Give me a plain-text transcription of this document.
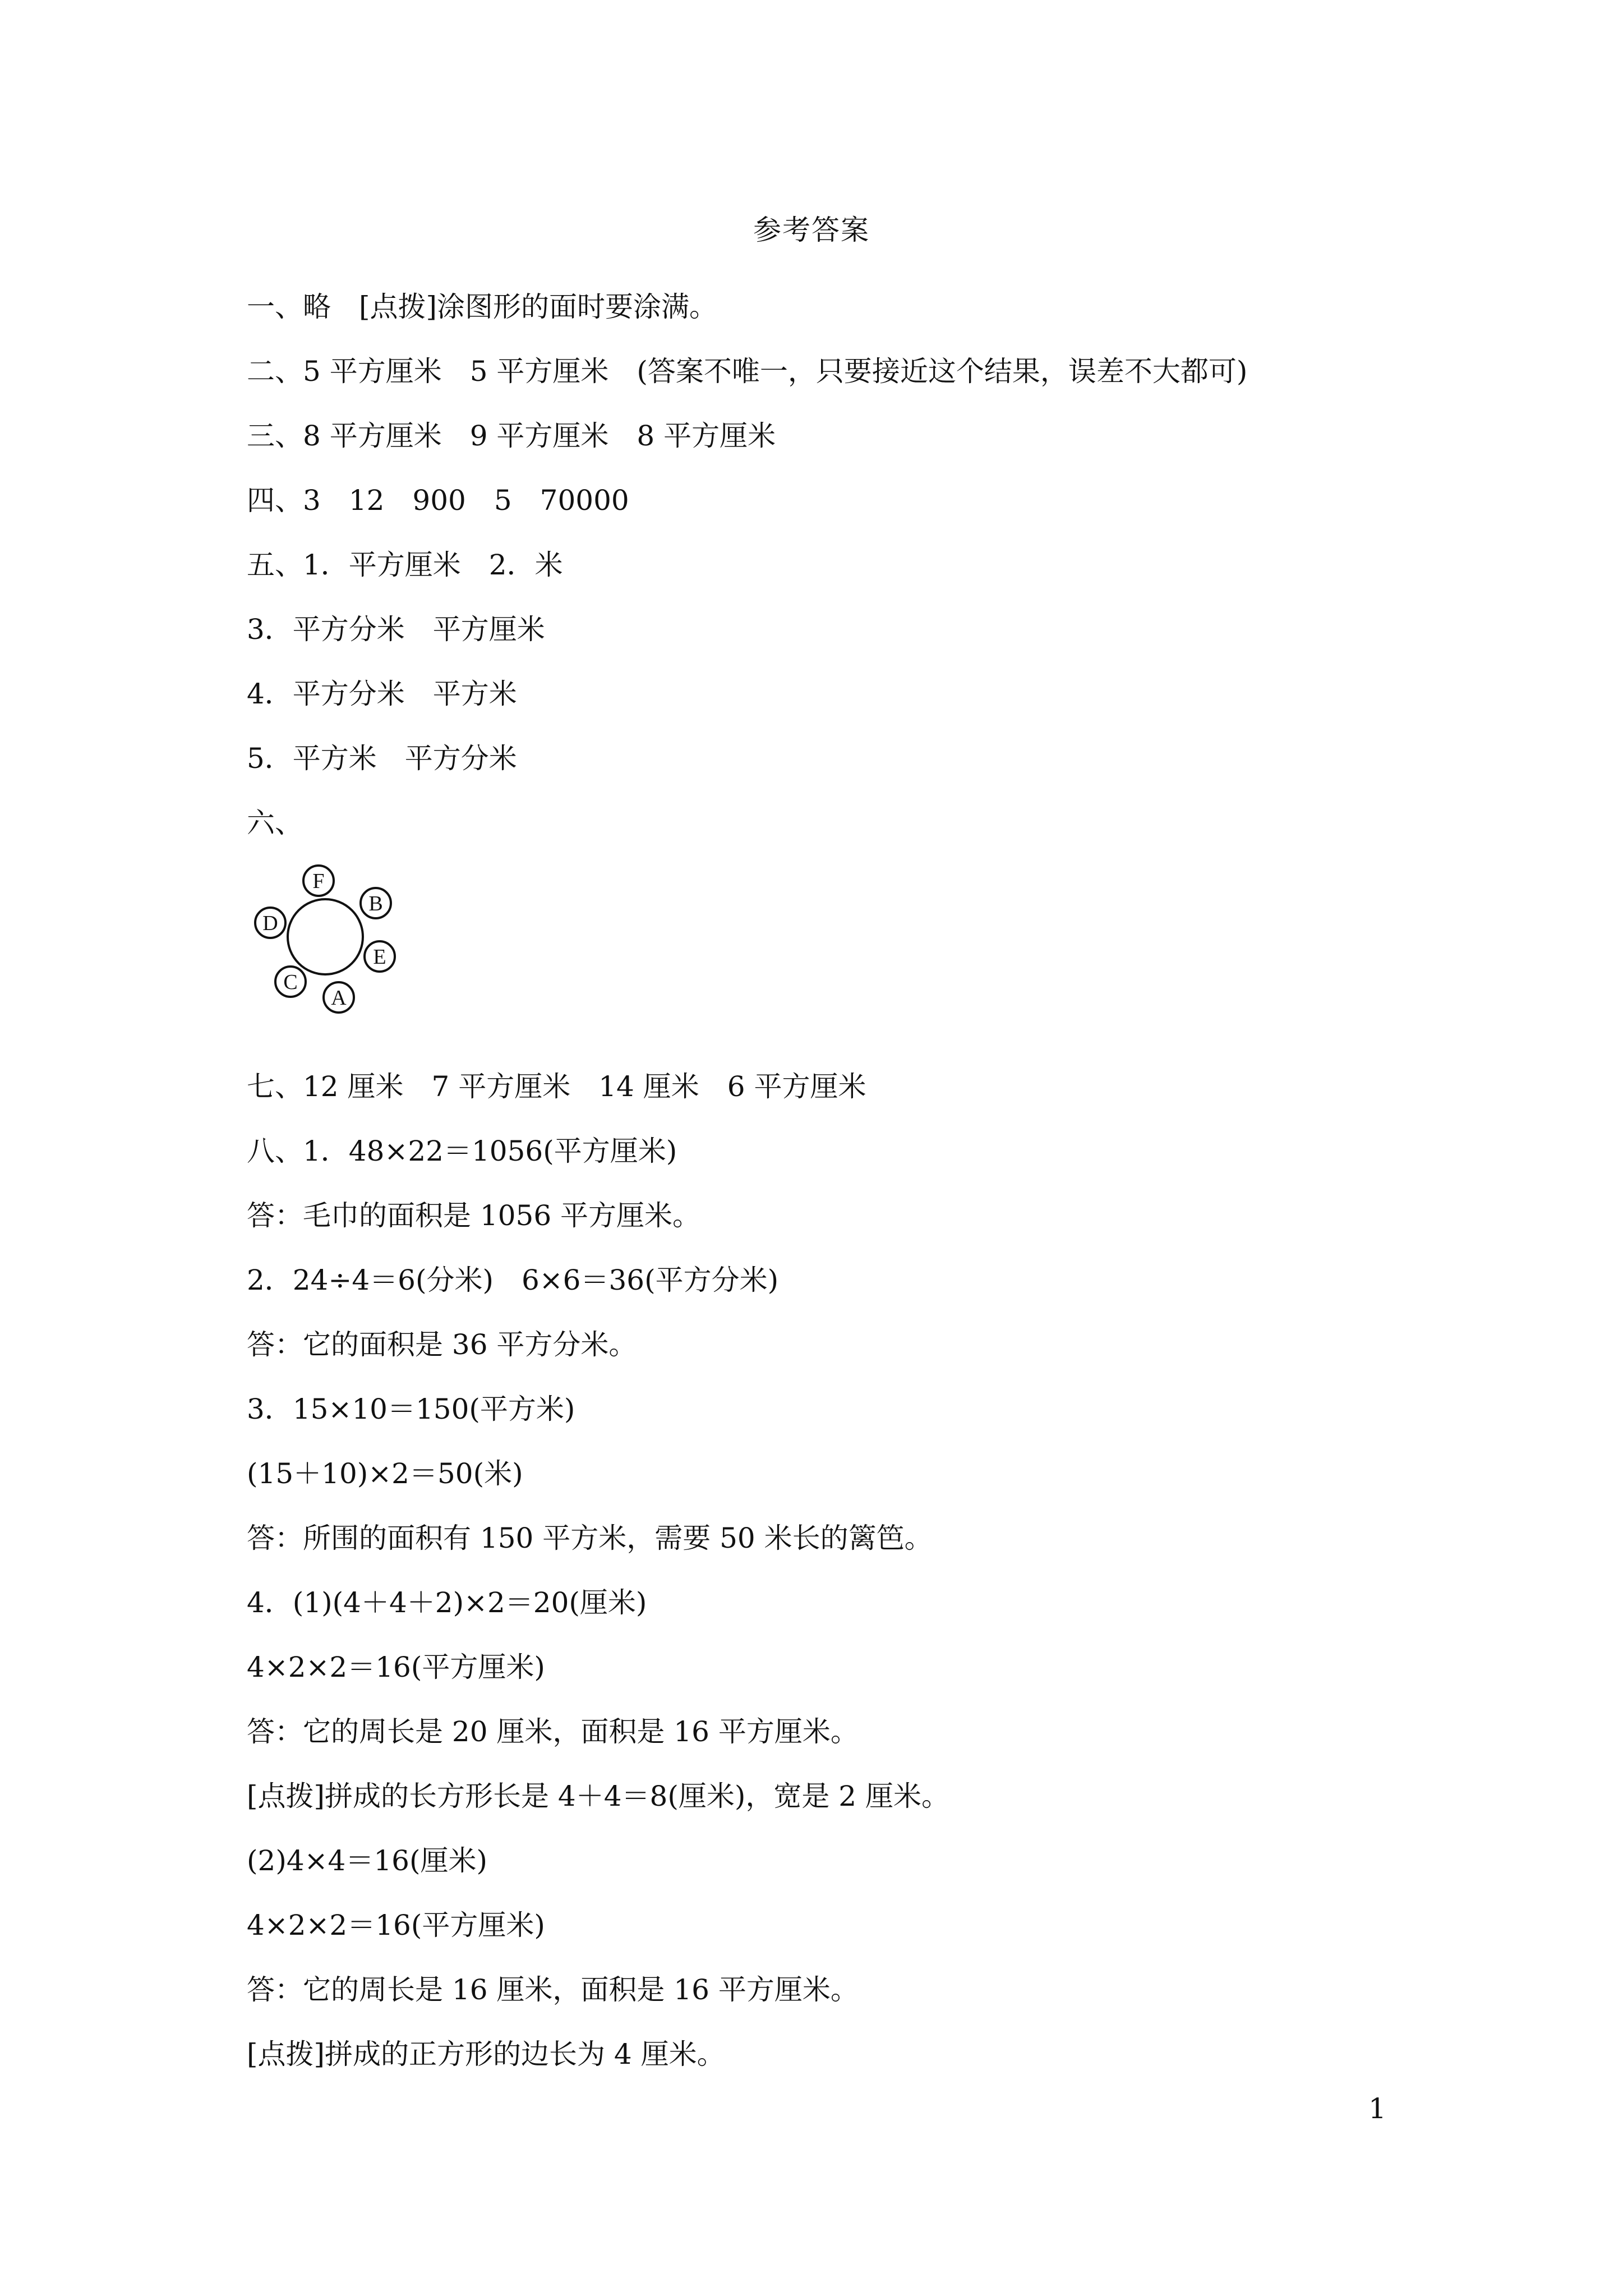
参考答案
一、略　[点拨]涂图形的面时要涂满。
二、5 平方厘米　5 平方厘米　(答案不唯一，只要接近这个结果，误差不大都可)
三、8 平方厘米　9 平方厘米　8 平方厘米
四、3　12　900　5　70000
五、1．平方厘米　2．米
3．平方分米　平方厘米
4．平方分米　平方米
5．平方米　平方分米
六、
F
B
D
E
C
A
七、12 厘米　7 平方厘米　14 厘米　6 平方厘米
八、1．48×22＝1056(平方厘米)
答：毛巾的面积是 1056 平方厘米。
2．24÷4＝6(分米)　6×6＝36(平方分米)
答：它的面积是 36 平方分米。
3．15×10＝150(平方米)
(15＋10)×2＝50(米)
答：所围的面积有 150 平方米，需要 50 米长的篱笆。
4．(1)(4＋4＋2)×2＝20(厘米)
4×2×2＝16(平方厘米)
答：它的周长是 20 厘米，面积是 16 平方厘米。
[点拨]拼成的长方形长是 4＋4＝8(厘米)，宽是 2 厘米。
(2)4×4＝16(厘米)
4×2×2＝16(平方厘米)
答：它的周长是 16 厘米，面积是 16 平方厘米。
[点拨]拼成的正方形的边长为 4 厘米。
1
